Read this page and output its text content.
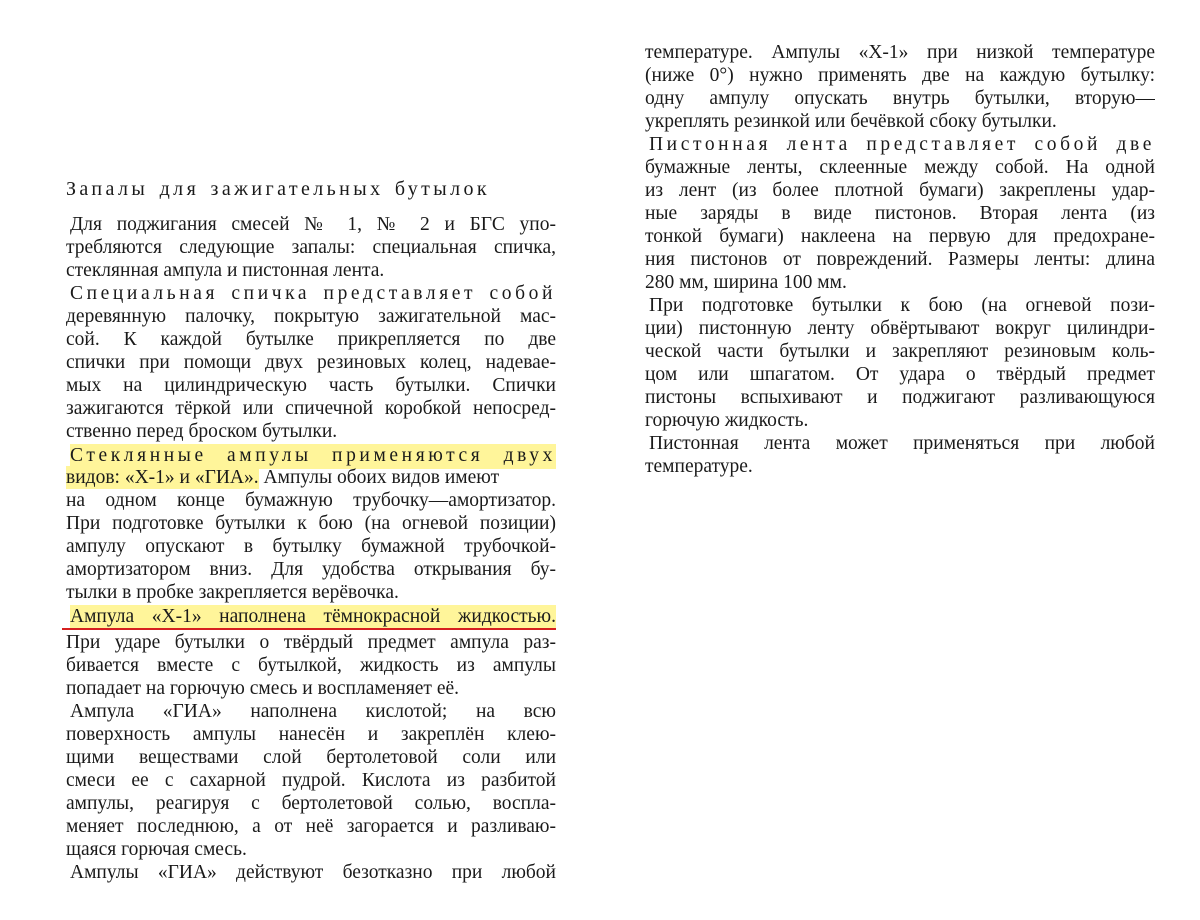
Запалы для зажигательных бутылок
Для поджигания смесей № 1, № 2 и БГС упо-
требляются следующие запалы: специальная спичка,
стеклянная ампула и пистонная лента.
Специальная спичка представляет собой
деревянную палочку, покрытую зажигательной мас-
сой. К каждой бутылке прикрепляется по две
спички при помощи двух резиновых колец, надевае-
мых на цилиндрическую часть бутылки. Спички
зажигаются тёркой или спичечной коробкой непосред-
ственно перед броском бутылки.
Стеклянные ампулы применяются двух
видов: «Х-1» и «ГИА». Ампулы обоих видов имеют
на одном конце бумажную трубочку—амортизатор.
При подготовке бутылки к бою (на огневой позиции)
ампулу опускают в бутылку бумажной трубочкой-
амортизатором вниз. Для удобства открывания бу-
тылки в пробке закрепляется верёвочка.
Ампула «Х-1» наполнена тёмнокрасной жидкостью.
При ударе бутылки о твёрдый предмет ампула раз-
бивается вместе с бутылкой, жидкость из ампулы
попадает на горючую смесь и воспламеняет её.
Ампула «ГИА» наполнена кислотой; на всю
поверхность ампулы нанесён и закреплён клею-
щими веществами слой бертолетовой соли или
смеси ее с сахарной пудрой. Кислота из разбитой
ампулы, реагируя с бертолетовой солью, воспла-
меняет последнюю, а от неё загорается и разливаю-
щаяся горючая смесь.
Ампулы «ГИА» действуют безотказно при любой
температуре. Ампулы «Х-1» при низкой температуре
(ниже 0°) нужно применять две на каждую бутылку:
одну ампулу опускать внутрь бутылки, вторую—
укреплять резинкой или бечёвкой сбоку бутылки.
Пистонная лента представляет собой две
бумажные ленты, склеенные между собой. На одной
из лент (из более плотной бумаги) закреплены удар-
ные заряды в виде пистонов. Вторая лента (из
тонкой бумаги) наклеена на первую для предохране-
ния пистонов от повреждений. Размеры ленты: длина
280 мм, ширина 100 мм.
При подготовке бутылки к бою (на огневой пози-
ции) пистонную ленту обвёртывают вокруг цилиндри-
ческой части бутылки и закрепляют резиновым коль-
цом или шпагатом. От удара о твёрдый предмет
пистоны вспыхивают и поджигают разливающуюся
горючую жидкость.
Пистонная лента может применяться при любой
температуре.
